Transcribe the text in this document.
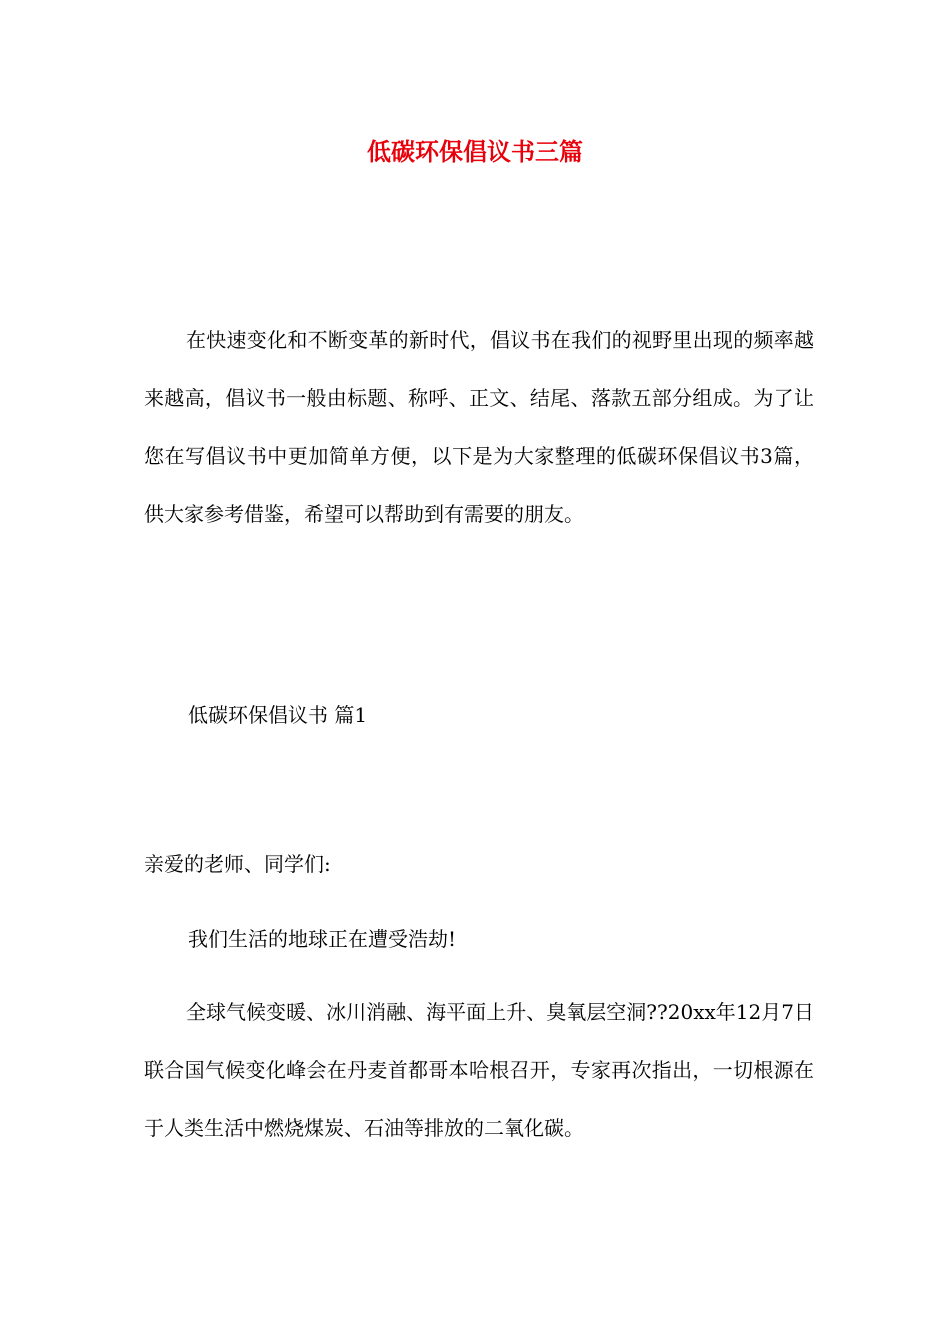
低碳环保倡议书三篇

在快速变化和不断变革的新时代，倡议书在我们的视野里出现的频率越来越高，倡议书一般由标题、称呼、正文、结尾、落款五部分组成。为了让您在写倡议书中更加简单方便，以下是为大家整理的低碳环保倡议书3篇，供大家参考借鉴，希望可以帮助到有需要的朋友。

低碳环保倡议书 篇1
亲爱的老师、同学们:
我们生活的地球正在遭受浩劫!

全球气候变暖、冰川消融、海平面上升、臭氧层空洞??20xx年12月7日联合国气候变化峰会在丹麦首都哥本哈根召开，专家再次指出，一切根源在于人类生活中燃烧煤炭、石油等排放的二氧化碳。
